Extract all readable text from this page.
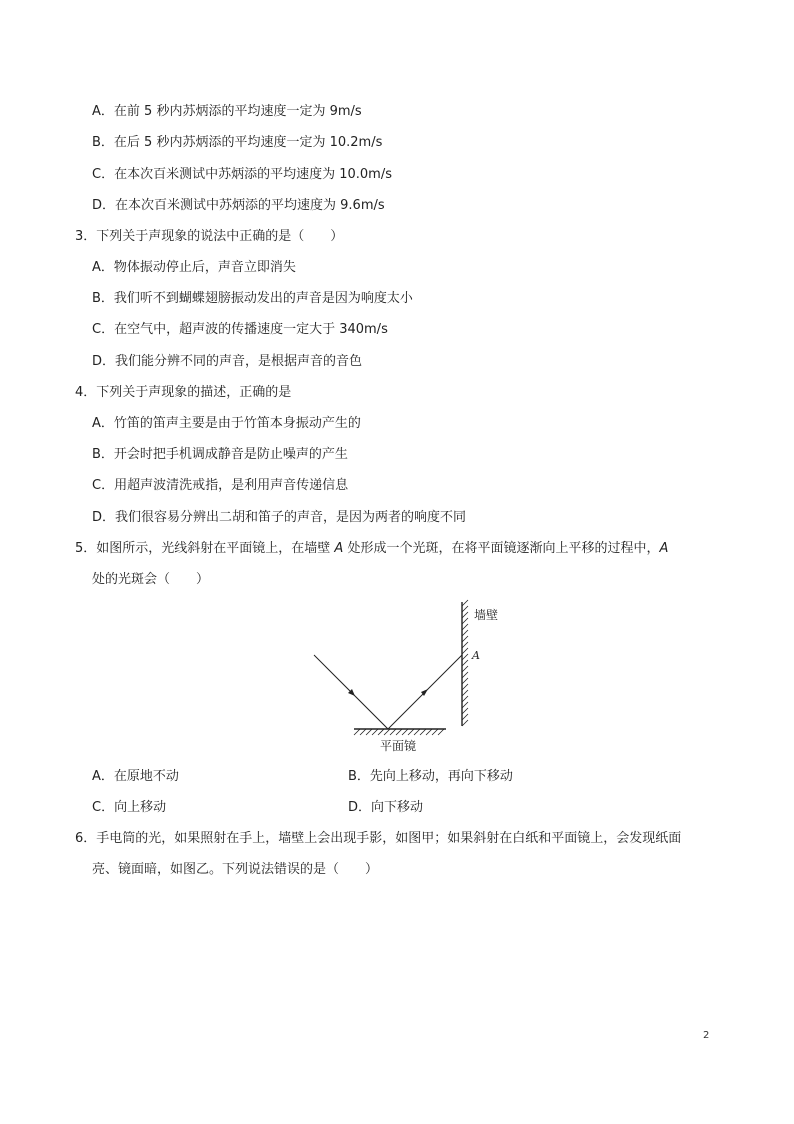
A．在前 5 秒内苏炳添的平均速度一定为 9m/s
B．在后 5 秒内苏炳添的平均速度一定为 10.2m/s
C．在本次百米测试中苏炳添的平均速度为 10.0m/s
D．在本次百米测试中苏炳添的平均速度为 9.6m/s
3．下列关于声现象的说法中正确的是（　　）
A．物体振动停止后，声音立即消失
B．我们听不到蝴蝶翅膀振动发出的声音是因为响度太小
C．在空气中，超声波的传播速度一定大于 340m/s
D．我们能分辨不同的声音，是根据声音的音色
4．下列关于声现象的描述，正确的是
A．竹笛的笛声主要是由于竹笛本身振动产生的
B．开会时把手机调成静音是防止噪声的产生
C．用超声波清洗戒指，是利用声音传递信息
D．我们很容易分辨出二胡和笛子的声音，是因为两者的响度不同
5．如图所示，光线斜射在平面镜上，在墙壁 A 处形成一个光斑，在将平面镜逐渐向上平移的过程中，A
处的光斑会（　　）
墙壁
A
平面镜
A．在原地不动	B．先向上移动，再向下移动
C．向上移动	D．向下移动
6．手电筒的光，如果照射在手上，墙壁上会出现手影，如图甲；如果斜射在白纸和平面镜上，会发现纸面
亮、镜面暗，如图乙。下列说法错误的是（　　）
2
